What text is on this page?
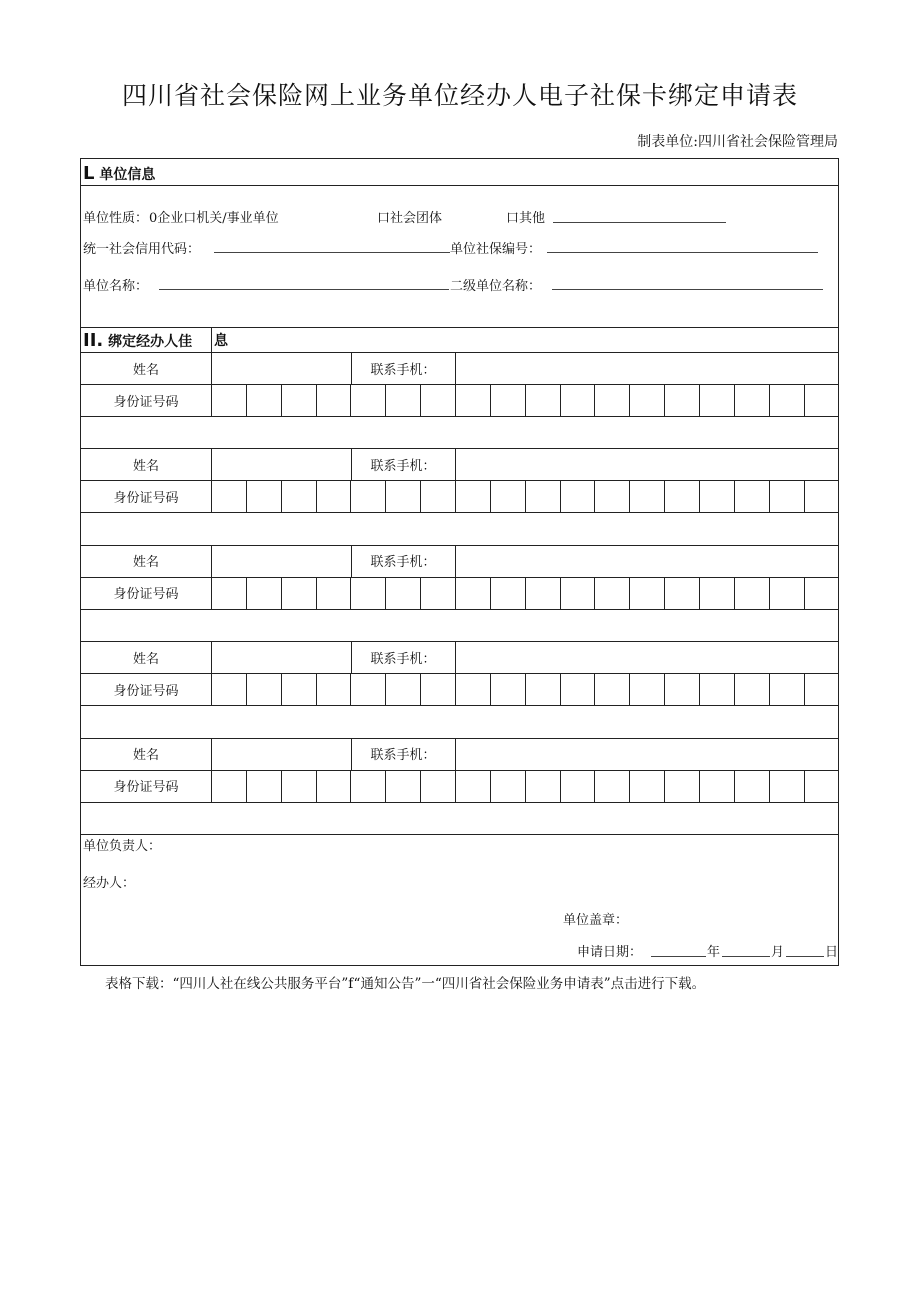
四川省社会保险网上业务单位经办人电子社保卡绑定申请表
制表单位:四川省社会保险管理局
L 单位信息
单位性质： 0企业口机关/事业单位	口社会团体	口其他
统一社会信用代码：	单位社保编号：
单位名称：	二级单位名称：
II. 绑定经办人佳 息
姓名	联系手机：
身份证号码
姓名	联系手机：
身份证号码
姓名	联系手机：
身份证号码
姓名	联系手机：
身份证号码
姓名	联系手机：
身份证号码
单位负责人：
经办人：
单位盖章：
申请日期：	年	月	日
表格下载：“四川人社在线公共服务平台”f“通知公告”一“四川省社会保险业务申请表”点击进行下载。
